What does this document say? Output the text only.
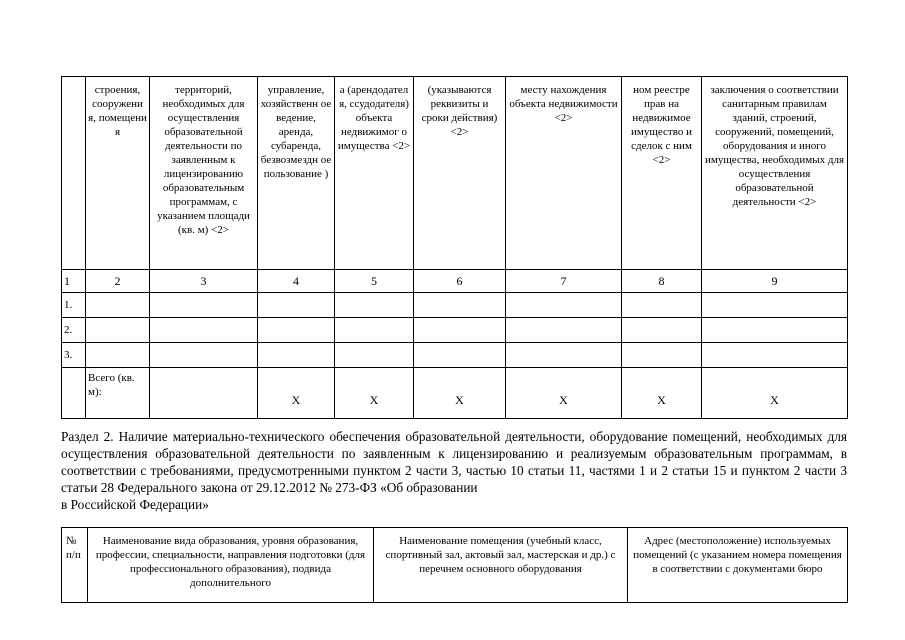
	строения, сооружени я, помещени я	территорий, необходимых для осуществления образовательной деятельности по заявленным к лицензированию образовательным программам, с указанием площади (кв. м) <2>	управление, хозяйственн ое ведение, аренда, субаренда, безвозмездн ое пользование )	а (арендодател я, ссудодателя) объекта недвижимог о имущества <2>	(указываются реквизиты и сроки действия) <2>	месту нахождения объекта недвижимости <2>	ном реестре прав на недвижимое имущество и сделок с ним <2>	заключения о соответствии санитарным правилам зданий, строений, сооружений, помещений, оборудования и иного имущества, необходимых для осуществления образовательной деятельности <2>
1	2	3	4	5	6	7	8	9
1.								
2.								
3.								
	Всего (кв. м):		X	X	X	X	X	X
Раздел 2. Наличие материально-технического обеспечения образовательной деятельности, оборудование помещений, необходимых для осуществления образовательной деятельности по заявленным к лицензированию и реализуемым образовательным программам, в соответствии с требованиями, предусмотренными пунктом 2 части 3, частью 10 статьи 11, частями 1 и 2 статьи 15 и пунктом 2 части 3 статьи 28 Федерального закона от 29.12.2012 № 273-ФЗ «Об образовании
в Российской Федерации»
№ п/п	Наименование вида образования, уровня образования, профессии, специальности, направления подготовки (для профессионального образования), подвида дополнительного	Наименование помещения (учебный класс, спортивный зал, актовый зал, мастерская и др.) с перечнем основного оборудования	Адрес (местоположение) используемых помещений (с указанием номера помещения в соответствии с документами бюро
